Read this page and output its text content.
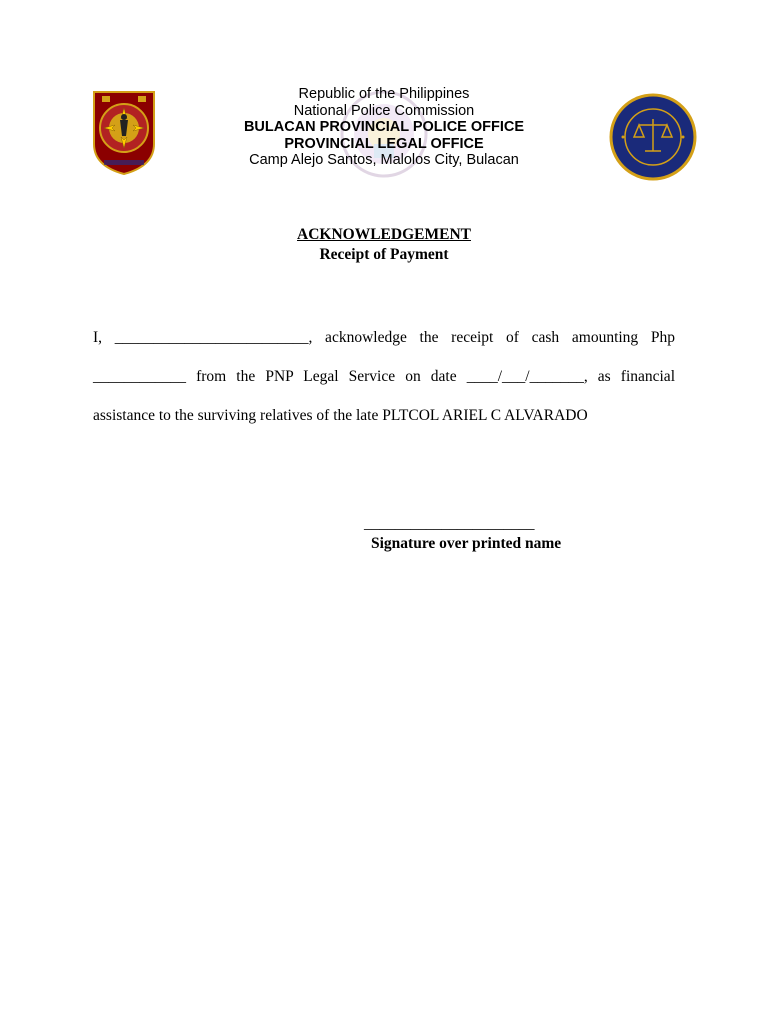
Republic of the Philippines
National Police Commission
BULACAN PROVINCIAL POLICE OFFICE
PROVINCIAL LEGAL OFFICE
Camp Alejo Santos, Malolos City, Bulacan
ACKNOWLEDGEMENT
Receipt of Payment
I, _________________________, acknowledge the receipt of cash amounting Php ____________ from the PNP Legal Service on date ____/___/_______, as financial assistance to the surviving relatives of the late PLTCOL ARIEL C ALVARADO
______________________
Signature over printed name
